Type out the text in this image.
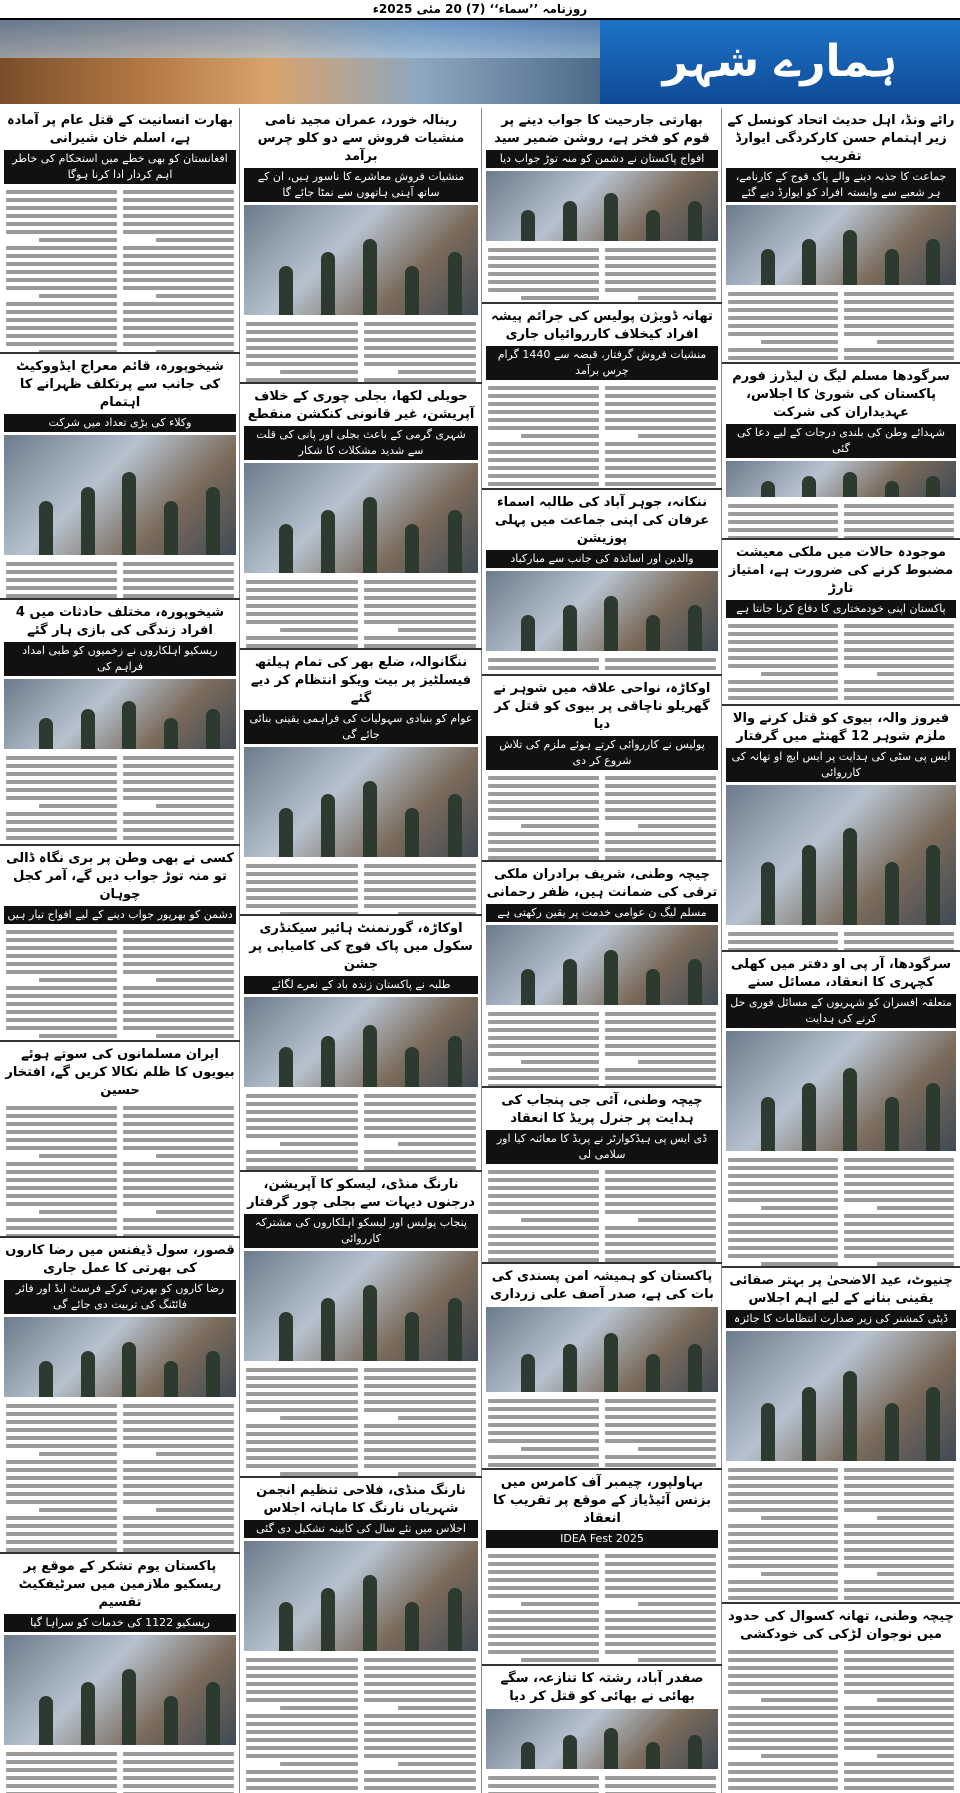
روزنامہ ’’سماء‘‘ (7) 20 مئی 2025ء
ہمارے شہر
رائے ونڈ، اہل حدیث اتحاد کونسل کے زیر اہتمام حسن کارکردگی ایوارڈ تقریب
جماعت کا جذبہ دینے والے پاک فوج کے کارنامے، ہر شعبے سے وابستہ افراد کو ایوارڈ دیے گئے
سرگودھا مسلم لیگ ن لیڈرز فورم پاکستان کی شوریٰ کا اجلاس، عہدیداران کی شرکت
شہدائے وطن کی بلندی درجات کے لیے دعا کی گئی
موجودہ حالات میں ملکی معیشت مضبوط کرنے کی ضرورت ہے، امتیاز تارڑ
پاکستان اپنی خودمختاری کا دفاع کرنا جانتا ہے
فیروز والہ، بیوی کو قتل کرنے والا ملزم شوہر 12 گھنٹے میں گرفتار
ایس پی سٹی کی ہدایت پر ایس ایچ او تھانہ کی کارروائی
سرگودھا، آر پی او دفتر میں کھلی کچہری کا انعقاد، مسائل سنے
متعلقہ افسران کو شہریوں کے مسائل فوری حل کرنے کی ہدایت
چنیوٹ، عید الاضحیٰ پر بہتر صفائی یقینی بنانے کے لیے اہم اجلاس
ڈپٹی کمشنر کی زیر صدارت انتظامات کا جائزہ
چیچہ وطنی، تھانہ کسوال کی حدود میں نوجوان لڑکی کی خودکشی
بھارتی جارحیت کا جواب دینے پر قوم کو فخر ہے، روشن ضمیر سید
افواج پاکستان نے دشمن کو منہ توڑ جواب دیا
تھانہ ڈویژن پولیس کی جرائم پیشہ افراد کیخلاف کارروائیاں جاری
منشیات فروش گرفتار، قبضہ سے 1440 گرام چرس برآمد
ننکانہ، جوہر آباد کی طالبہ اسماء عرفان کی اپنی جماعت میں پہلی پوزیشن
والدین اور اساتذہ کی جانب سے مبارکباد
اوکاڑہ، نواحی علاقہ میں شوہر نے گھریلو ناچاقی پر بیوی کو قتل کر دیا
پولیس نے کارروائی کرتے ہوئے ملزم کی تلاش شروع کر دی
چیچہ وطنی، شریف برادران ملکی ترقی کی ضمانت ہیں، ظفر رحمانی
مسلم لیگ ن عوامی خدمت پر یقین رکھتی ہے
چیچہ وطنی، آئی جی پنجاب کی ہدایت پر جنرل پریڈ کا انعقاد
ڈی ایس پی ہیڈکوارٹر نے پریڈ کا معائنہ کیا اور سلامی لی
پاکستان کو ہمیشہ امن پسندی کی بات کی ہے، صدر آصف علی زرداری
بہاولپور، چیمبر آف کامرس میں بزنس آئیڈیاز کے موقع پر تقریب کا انعقاد
IDEA Fest 2025
صفدر آباد، رشتہ کا تنازعہ، سگے بھائی نے بھائی کو قتل کر دیا
رینالہ خورد، عمران مجید نامی منشیات فروش سے دو کلو چرس برآمد
منشیات فروش معاشرے کا ناسور ہیں، ان کے ساتھ آہنی ہاتھوں سے نمٹا جائے گا
حویلی لکھا، بجلی چوری کے خلاف آپریشن، غیر قانونی کنکشن منقطع
شہری گرمی کے باعث بجلی اور پانی کی قلت سے شدید مشکلات کا شکار
ننگانوالہ، ضلع بھر کی تمام ہیلتھ فیسلٹیز پر بیت ویکو انتظام کر دیے گئے
عوام کو بنیادی سہولیات کی فراہمی یقینی بنائی جائے گی
اوکاڑہ، گورنمنٹ ہائیر سیکنڈری سکول میں پاک فوج کی کامیابی پر جشن
طلبہ نے پاکستان زندہ باد کے نعرے لگائے
نارنگ منڈی، لیسکو کا آپریشن، درجنوں دیہات سے بجلی چور گرفتار
پنجاب پولیس اور لیسکو اہلکاروں کی مشترکہ کارروائی
نارنگ منڈی، فلاحی تنظیم انجمن شہریاں نارنگ کا ماہانہ اجلاس
اجلاس میں نئے سال کی کابینہ تشکیل دی گئی
بھارت انسانیت کے قتل عام پر آمادہ ہے، اسلم خان شیرانی
افغانستان کو بھی خطے میں استحکام کی خاطر اہم کردار ادا کرنا ہوگا
شیخوپورہ، قائم معراج ایڈووکیٹ کی جانب سے پرتکلف ظہرانے کا اہتمام
وکلاء کی بڑی تعداد میں شرکت
شیخوپورہ، مختلف حادثات میں 4 افراد زندگی کی بازی ہار گئے
ریسکیو اہلکاروں نے زخمیوں کو طبی امداد فراہم کی
کسی نے بھی وطن پر بری نگاہ ڈالی تو منہ توڑ جواب دیں گے، آمر کجل چوہان
دشمن کو بھرپور جواب دینے کے لیے افواج تیار ہیں
ایران مسلمانوں کی سوتے ہوئے بیویوں کا ظلم نکالا کریں گے، افتخار حسین
قصور، سول ڈیفنس میں رضا کاروں کی بھرتی کا عمل جاری
رضا کاروں کو بھرتی کرکے فرسٹ ایڈ اور فائر فائٹنگ کی تربیت دی جائے گی
پاکستان یوم تشکر کے موقع پر ریسکیو ملازمین میں سرٹیفکیٹ تقسیم
ریسکیو 1122 کی خدمات کو سراہا گیا
